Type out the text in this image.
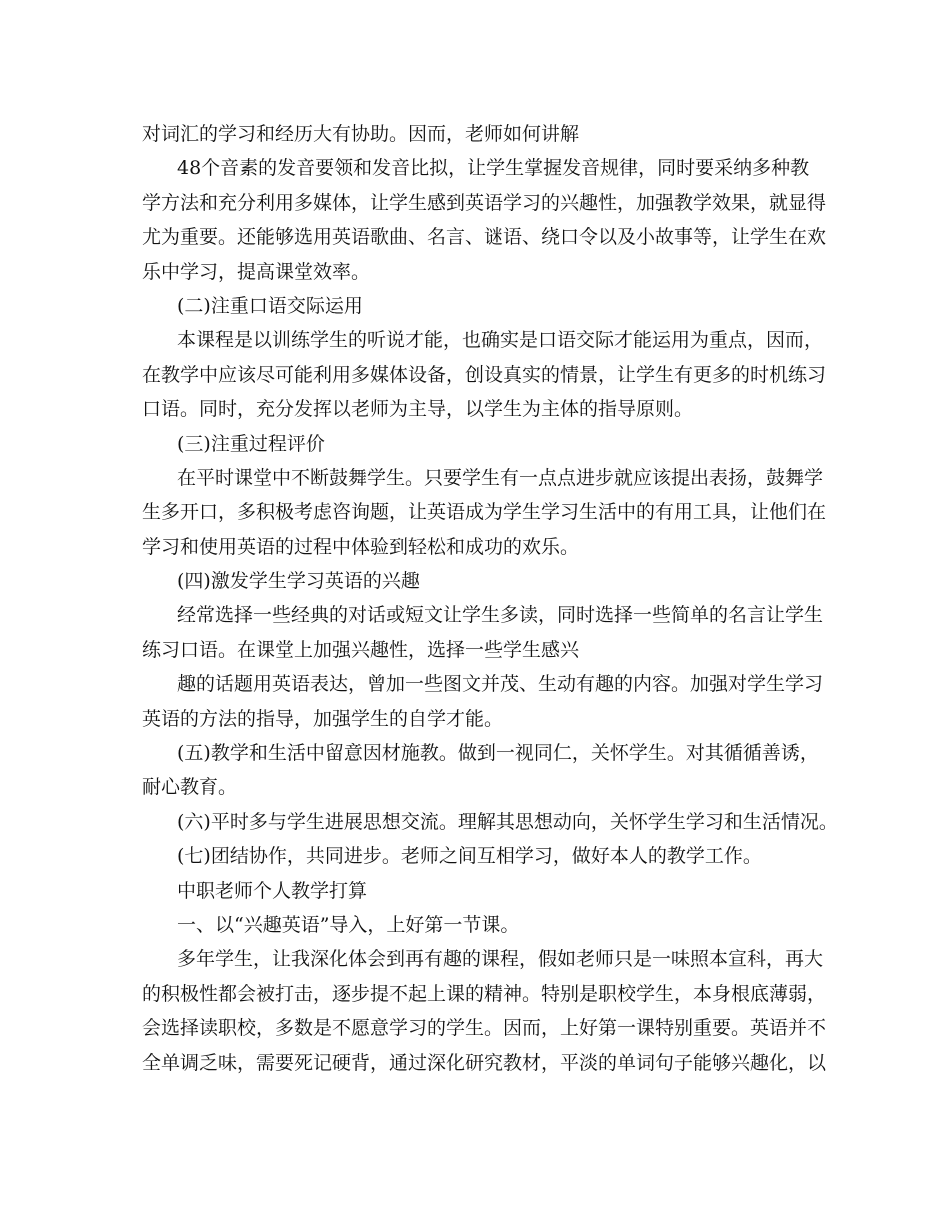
对词汇的学习和经历大有协助。因而，老师如何讲解
48个音素的发音要领和发音比拟，让学生掌握发音规律，同时要采纳多种教
学方法和充分利用多媒体，让学生感到英语学习的兴趣性，加强教学效果，就显得
尤为重要。还能够选用英语歌曲、名言、谜语、绕口令以及小故事等，让学生在欢
乐中学习，提高课堂效率。
(二)注重口语交际运用
本课程是以训练学生的听说才能，也确实是口语交际才能运用为重点，因而，
在教学中应该尽可能利用多媒体设备，创设真实的情景，让学生有更多的时机练习
口语。同时，充分发挥以老师为主导，以学生为主体的指导原则。
(三)注重过程评价
在平时课堂中不断鼓舞学生。只要学生有一点点进步就应该提出表扬，鼓舞学
生多开口，多积极考虑咨询题，让英语成为学生学习生活中的有用工具，让他们在
学习和使用英语的过程中体验到轻松和成功的欢乐。
(四)激发学生学习英语的兴趣
经常选择一些经典的对话或短文让学生多读，同时选择一些简单的名言让学生
练习口语。在课堂上加强兴趣性，选择一些学生感兴
趣的话题用英语表达，曾加一些图文并茂、生动有趣的内容。加强对学生学习
英语的方法的指导，加强学生的自学才能。
(五)教学和生活中留意因材施教。做到一视同仁，关怀学生。对其循循善诱，
耐心教育。
(六)平时多与学生进展思想交流。理解其思想动向，关怀学生学习和生活情况。
(七)团结协作，共同进步。老师之间互相学习，做好本人的教学工作。
中职老师个人教学打算
一、以“兴趣英语”导入，上好第一节课。
多年学生，让我深化体会到再有趣的课程，假如老师只是一味照本宣科，再大
的积极性都会被打击，逐步提不起上课的精神。特别是职校学生，本身根底薄弱，
会选择读职校，多数是不愿意学习的学生。因而，上好第一课特别重要。英语并不
全单调乏味，需要死记硬背，通过深化研究教材，平淡的单词句子能够兴趣化，以
